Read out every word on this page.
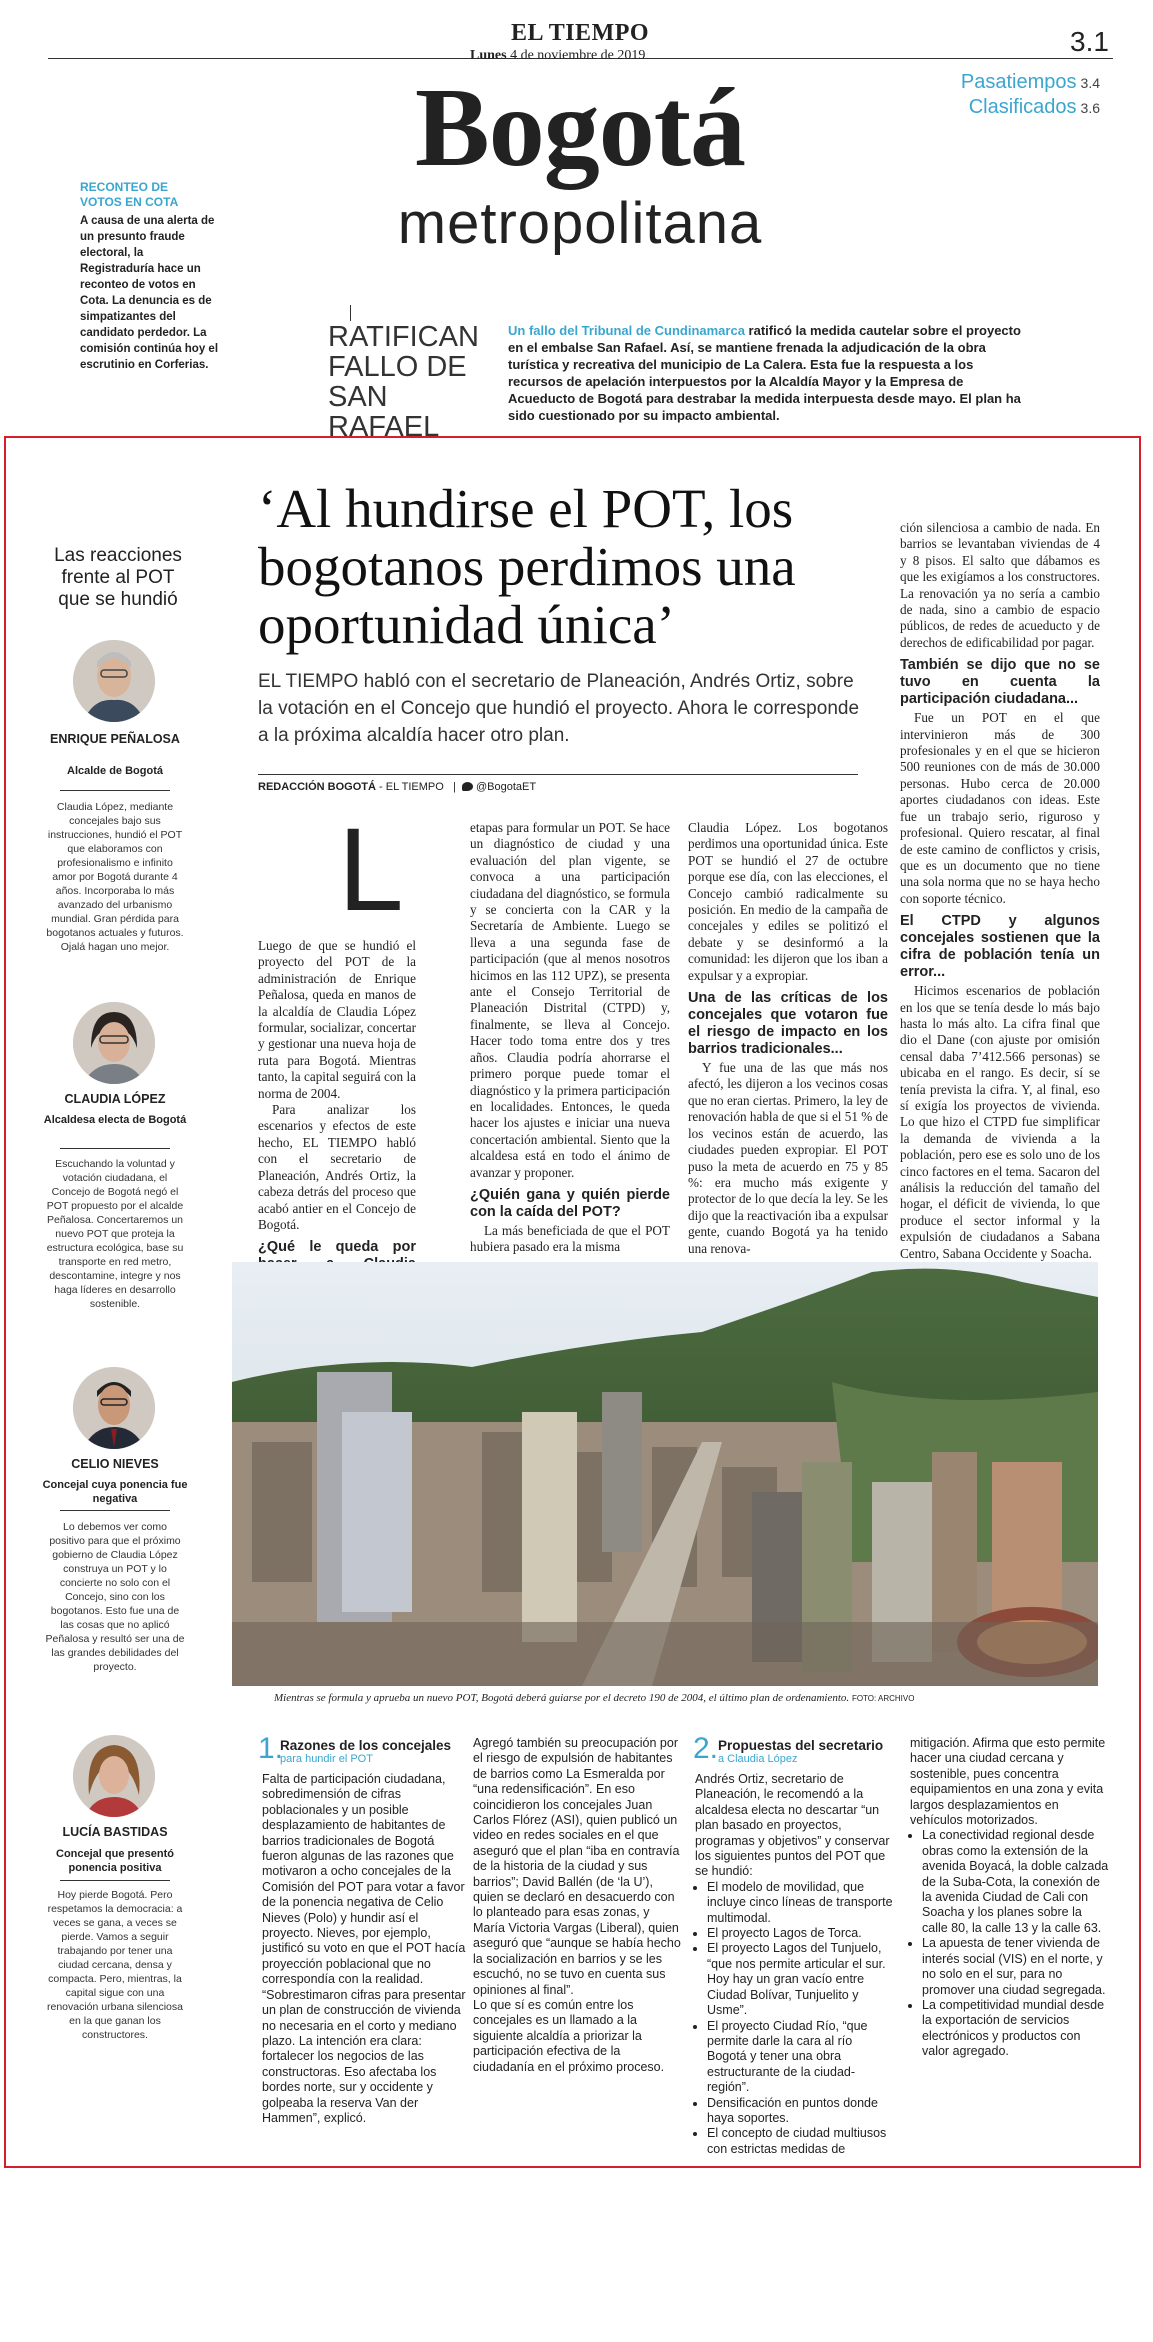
EL TIEMPO	3.1
Lunes 4 de noviembre de 2019
Bogotá
metropolitana
Pasatiempos 3.4
Clasificados 3.6
RECONTEO DE VOTOS EN COTA
A causa de una alerta de un presunto fraude electoral, la Registraduría hace un reconteo de votos en Cota. La denuncia es de simpatizantes del candidato perdedor. La comisión continúa hoy el escrutinio en Corferias.
RATIFICAN FALLO DE SAN RAFAEL
Un fallo del Tribunal de Cundinamarca ratificó la medida cautelar sobre el proyecto en el embalse San Rafael. Así, se mantiene frenada la adjudicación de la obra turística y recreativa del municipio de La Calera. Esta fue la respuesta a los recursos de apelación interpuestos por la Alcaldía Mayor y la Empresa de Acueducto de Bogotá para destrabar la medida interpuesta desde mayo. El plan ha sido cuestionado por su impacto ambiental.
Las reacciones frente al POT que se hundió
ENRIQUE PEÑALOSA
Alcalde de Bogotá
Claudia López, mediante concejales bajo sus instrucciones, hundió el POT que elaboramos con profesionalismo e infinito amor por Bogotá durante 4 años. Incorporaba lo más avanzado del urbanismo mundial. Gran pérdida para bogotanos actuales y futuros. Ojalá hagan uno mejor.
CLAUDIA LÓPEZ
Alcaldesa electa de Bogotá
Escuchando la voluntad y votación ciudadana, el Concejo de Bogotá negó el POT propuesto por el alcalde Peñalosa. Concertaremos un nuevo POT que proteja la estructura ecológica, base su transporte en red metro, descontamine, integre y nos haga líderes en desarrollo sostenible.
CELIO NIEVES
Concejal cuya ponencia fue negativa
Lo debemos ver como positivo para que el próximo gobierno de Claudia López construya un POT y lo concierte no solo con el Concejo, sino con los bogotanos. Esto fue una de las cosas que no aplicó Peñalosa y resultó ser una de las grandes debilidades del proyecto.
LUCÍA BASTIDAS
Concejal que presentó ponencia positiva
Hoy pierde Bogotá. Pero respetamos la democracia: a veces se gana, a veces se pierde. Vamos a seguir trabajando por tener una ciudad cercana, densa y compacta. Pero, mientras, la capital sigue con una renovación urbana silenciosa en la que ganan los constructores.
‘Al hundirse el POT, los bogotanos perdimos una oportunidad única’
EL TIEMPO habló con el secretario de Planeación, Andrés Ortiz, sobre la votación en el Concejo que hundió el proyecto. Ahora le corresponde a la próxima alcaldía hacer otro plan.
REDACCIÓN BOGOTÁ - EL TIEMPO   |   @BogotaET
L

Luego de que se hundió el proyecto del POT de la administración de Enrique Peñalosa, queda en manos de la alcaldía de Claudia López formular, socializar, concertar y gestionar una nueva hoja de ruta para Bogotá. Mientras tanto, la capital seguirá con la norma de 2004.

Para analizar los escenarios y efectos de este hecho, EL TIEMPO habló con el secretario de Planeación, Andrés Ortiz, la cabeza detrás del proceso que acabó antier en el Concejo de Bogotá.

¿Qué le queda por

etapas para formular un POT. Se hace un diagnóstico de ciudad y una evaluación del plan vigente, se convoca a una participación ciudadana del diagnóstico, se formula y se concierta con la CAR y la Secretaría de Ambiente. Luego se lleva a una segunda fase de participación (que al menos nosotros hicimos en las 112 UPZ), se presenta ante el Consejo Territorial de Planeación Distrital (CTPD) y, finalmente, se lleva al Concejo. Hacer todo toma entre dos y tres años. Claudia podría ahorrarse el primero porque puede tomar el diagnóstico y la primera participación en localidades. Entonces, le queda hacer los ajustes e iniciar una nueva concertación ambiental. Siento que la alcaldesa está en todo el ánimo de avanzar y proponer.

¿Quién gana y quién pierde con la caída del POT?

La más beneficiada de que el POT hubiera pasado era la misma

Claudia López. Los bogotanos perdimos una oportunidad única. Este POT se hundió el 27 de octubre porque ese día, con las elecciones, el Concejo cambió radicalmente su posición. En medio de la campaña de concejales y ediles se politizó el debate y se desinformó a la comunidad: les dijeron que los iban a expulsar y a expropiar.

Una de las críticas de los concejales que votaron fue el riesgo de impacto en los barrios tradicionales...

Y fue una de las que más nos afectó, les dijeron a los vecinos cosas que no eran ciertas. Primero, la ley de renovación habla de que si el 51 % de los vecinos están de acuerdo, las ciudades pueden expropiar. El POT puso la meta de acuerdo en 75 y 85 %: era mucho más exigente y protector de lo que decía la ley. Se les dijo que la reactivación iba a expulsar gente, cuando Bogotá ya ha tenido una renova-

ción silenciosa a cambio de nada. En barrios se levantaban viviendas de 4 y 8 pisos. El salto que dábamos es que les exigíamos a los constructores. La renovación ya no sería a cambio de nada, sino a cambio de espacio públicos, de redes de acueducto y de derechos de edificabilidad por pagar.

También se dijo que no se tuvo en cuenta la participación ciudadana...

Fue un POT en el que intervinieron más de 300 profesionales y en el que se hicieron 500 reuniones con de más de 30.000 personas. Hubo cerca de 20.000 aportes ciudadanos con ideas. Este fue un trabajo serio, riguroso y profesional. Quiero rescatar, al final de este camino de conflictos y crisis, que es un documento que no tiene una sola norma que no se haya hecho con soporte técnico.

El CTPD y algunos concejales sostienen que la cifra de población tenía un error...

Hicimos escenarios de población en los que se tenía desde lo más bajo hasta lo más alto. La cifra final que dio el Dane (con ajuste por omisión censal daba 7’412.566 personas) se ubicaba en el rango. Es decir, sí se tenía prevista la cifra. Y, al final, eso sí exigía los proyectos de vivienda. Lo que hizo el CTPD fue simplificar la demanda de vivienda a la población, pero ese es solo uno de los cinco factores en el tema. Sacaron del análisis la reducción del tamaño del hogar, el déficit de vivienda, lo que produce el sector informal y la expulsión de ciudadanos a Sabana Centro, Sabana Occidente y Soacha.

Mientras se formula y aprueba un nuevo POT, Bogotá deberá guiarse por el decreto 190 de 2004, el último plan de ordenamiento. FOTO: ARCHIVO
1.
Razones de los concejales
para hundir el POT
Falta de participación ciudadana, sobredimensión de cifras poblacionales y un posible desplazamiento de habitantes de barrios tradicionales de Bogotá fueron algunas de las razones que motivaron a ocho concejales de la Comisión del POT para votar a favor de la ponencia negativa de Celio Nieves (Polo) y hundir así el proyecto. Nieves, por ejemplo, justificó su voto en que el POT hacía proyección poblacional que no correspondía con la realidad. “Sobrestimaron cifras para presentar un plan de construcción de vivienda no necesaria en el corto y mediano plazo. La intención era clara: fortalecer los negocios de las constructoras. Eso afectaba los bordes norte, sur y occidente y golpeaba la reserva Van der Hammen”, explicó.
Agregó también su preocupación por el riesgo de expulsión de habitantes de barrios como La Esmeralda por “una redensificación”. En eso coincidieron los concejales Juan Carlos Flórez (ASI), quien publicó un video en redes sociales en el que aseguró que el plan “iba en contravía de la historia de la ciudad y sus barrios”; David Ballén (de ‘la U’), quien se declaró en desacuerdo con lo planteado para esas zonas, y María Victoria Vargas (Liberal), quien aseguró que “aunque se había hecho la socialización en barrios y se les escuchó, no se tuvo en cuenta sus opiniones al final”.
Lo que sí es común entre los concejales es un llamado a la siguiente alcaldía a priorizar la participación efectiva de la ciudadanía en el próximo proceso.
2. Propuestas del secretario
a Claudia López
Andrés Ortiz, secretario de Planeación, le recomendó a la alcaldesa electa no descartar “un plan basado en proyectos, programas y objetivos” y conservar los siguientes puntos del POT que se hundió:
• El modelo de movilidad, que incluye cinco líneas de transporte multimodal.
• El proyecto Lagos de Torca.
• El proyecto Lagos del Tunjuelo, “que nos permite articular el sur. Hoy hay un gran vacío entre Ciudad Bolívar, Tunjuelito y Usme”.
• El proyecto Ciudad Río, “que permite darle la cara al río Bogotá y tener una obra estructurante de la ciudad-región”.
• Densificación en puntos donde haya soportes.
• El concepto de ciudad multiusos con estrictas medidas de
mitigación. Afirma que esto permite hacer una ciudad cercana y sostenible, pues concentra equipamientos en una zona y evita largos desplazamientos en vehículos motorizados.
• La conectividad regional desde obras como la extensión de la avenida Boyacá, la doble calzada de la Suba-Cota, la conexión de la avenida Ciudad de Cali con Soacha y los planes sobre la calle 80, la calle 13 y la calle 63.
• La apuesta de tener vivienda de interés social (VIS) en el norte, y no solo en el sur, para no promover una ciudad segregada.
• La competitividad mundial desde la exportación de servicios electrónicos y productos con valor agregado.
